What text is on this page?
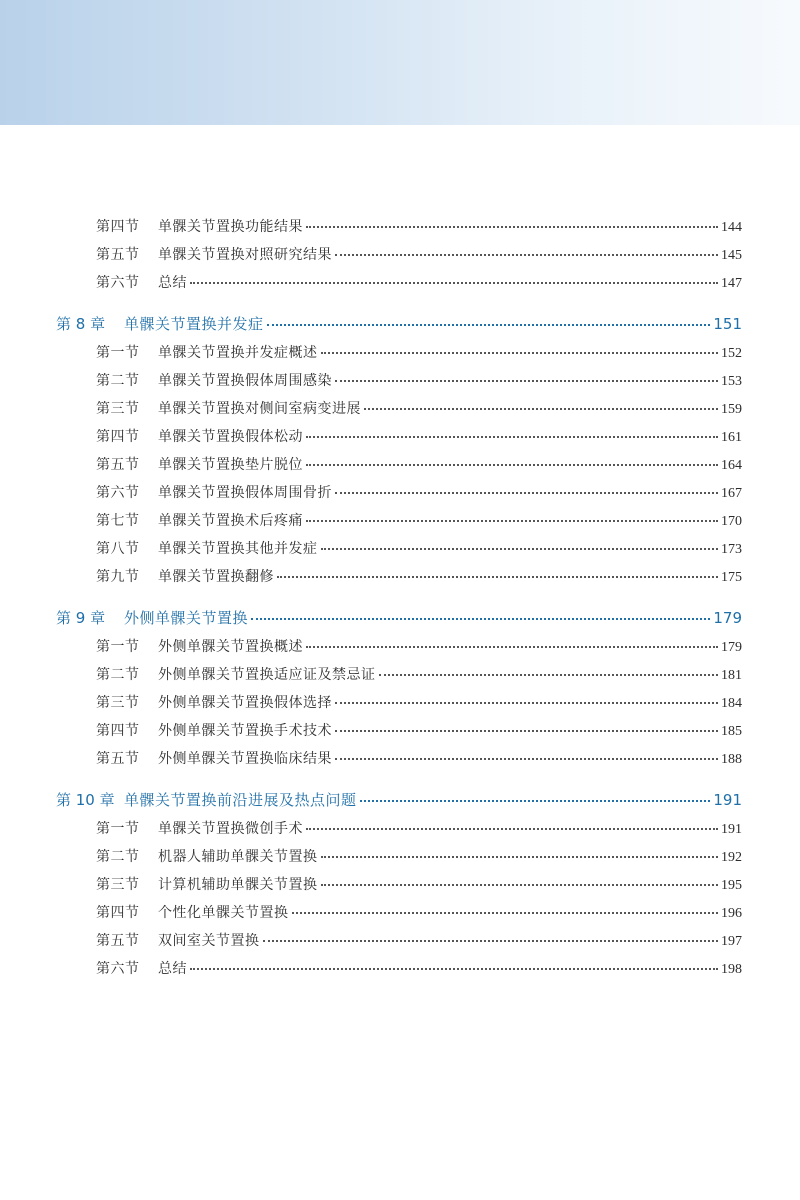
第四节	单髁关节置换功能结果	144
第五节	单髁关节置换对照研究结果	145
第六节	总结	147
第 8 章	单髁关节置换并发症	151
第一节	单髁关节置换并发症概述	152
第二节	单髁关节置换假体周围感染	153
第三节	单髁关节置换对侧间室病变进展	159
第四节	单髁关节置换假体松动	161
第五节	单髁关节置换垫片脱位	164
第六节	单髁关节置换假体周围骨折	167
第七节	单髁关节置换术后疼痛	170
第八节	单髁关节置换其他并发症	173
第九节	单髁关节置换翻修	175
第 9 章	外侧单髁关节置换	179
第一节	外侧单髁关节置换概述	179
第二节	外侧单髁关节置换适应证及禁忌证	181
第三节	外侧单髁关节置换假体选择	184
第四节	外侧单髁关节置换手术技术	185
第五节	外侧单髁关节置换临床结果	188
第 10 章 单髁关节置换前沿进展及热点问题	191
第一节	单髁关节置换微创手术	191
第二节	机器人辅助单髁关节置换	192
第三节	计算机辅助单髁关节置换	195
第四节	个性化单髁关节置换	196
第五节	双间室关节置换	197
第六节	总结	198
